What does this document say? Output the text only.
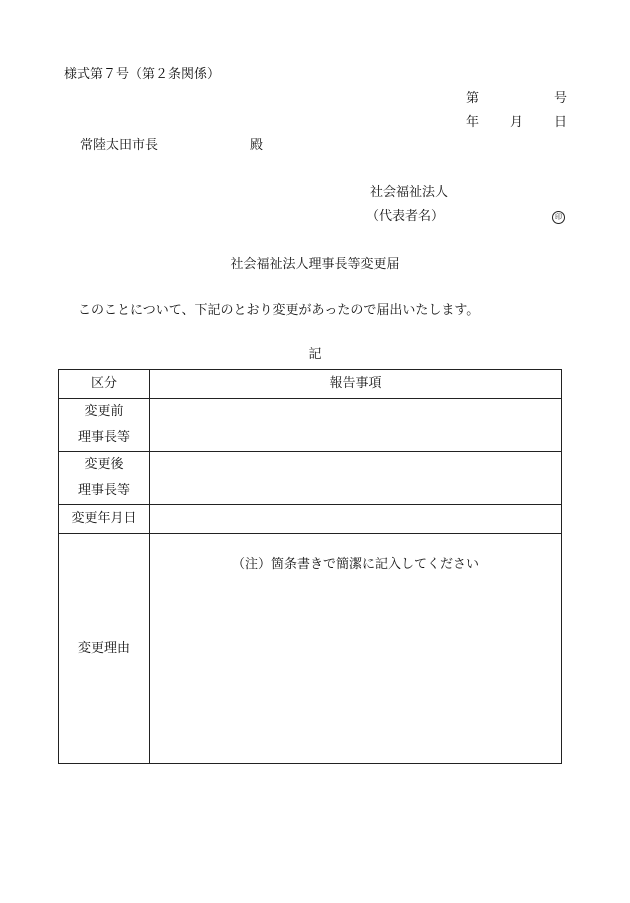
様式第７号（第２条関係）
第	号
年 月 日
常陸太田市長	殿
社会福祉法人
（代表者名）	印
社会福祉法人理事長等変更届
このことについて、下記のとおり変更があったので届出いたします。
記
区分	報告事項

変更前
理事長等	

変更後
理事長等	

変更年月日	
変更理由	（注）箇条書きで簡潔に記入してください
